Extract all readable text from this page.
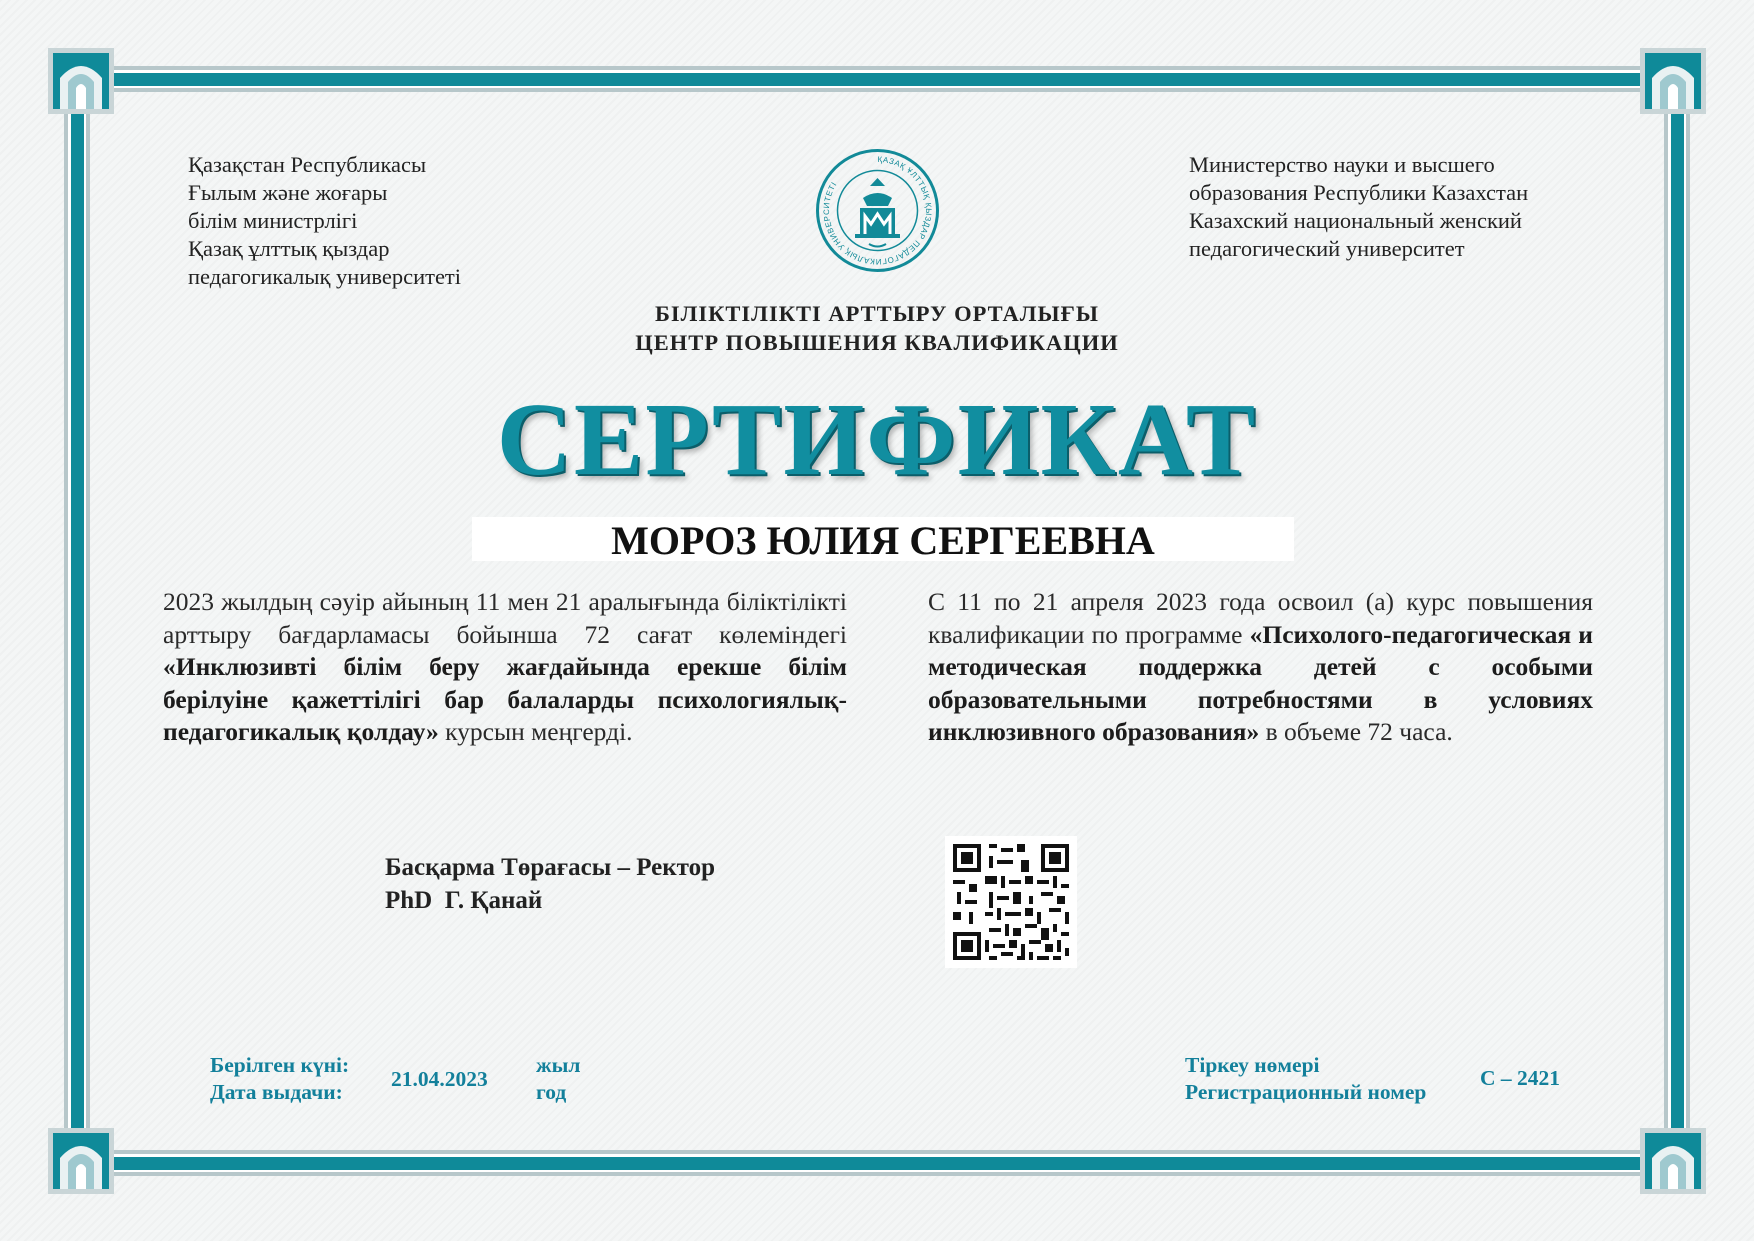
Қазақстан Республикасы
Ғылым және жоғары
білім министрлігі
Қазақ ұлттық қыздар
педагогикалық университеті
ҚАЗАҚ ҰЛТТЫҚ ҚЫЗДАР ПЕДАГОГИКАЛЫҚ УНИВЕРСИТЕТІ
Министерство науки и высшего
образования Республики Казахстан
Казахский национальный женский
педагогический университет
БІЛІКТІЛІКТІ АРТТЫРУ ОРТАЛЫҒЫ
ЦЕНТР ПОВЫШЕНИЯ КВАЛИФИКАЦИИ
СЕРТИФИКАТ
МОРОЗ ЮЛИЯ СЕРГЕЕВНА
2023 жылдың сәуір айының 11 мен 21 аралығында біліктілікті арттыру бағдарламасы бойынша 72 сағат көлеміндегі «Инклюзивті білім беру жағдайында ерекше білім берілуіне қажеттілігі бар балаларды психологиялық-педагогикалық қолдау» курсын меңгерді.
С 11 по 21 апреля 2023 года освоил (а) курс повышения квалификации по программе «Психолого-педагогическая и методическая поддержка детей с особыми образовательными потребностями в условиях инклюзивного образования» в объеме 72 часа.
Басқарма Төрағасы – Ректор
PhD  Г. Қанай
Берілген күні:
Дата выдачи:
21.04.2023
жыл
год
Тіркеу нөмері
Регистрационный номер
С – 2421
